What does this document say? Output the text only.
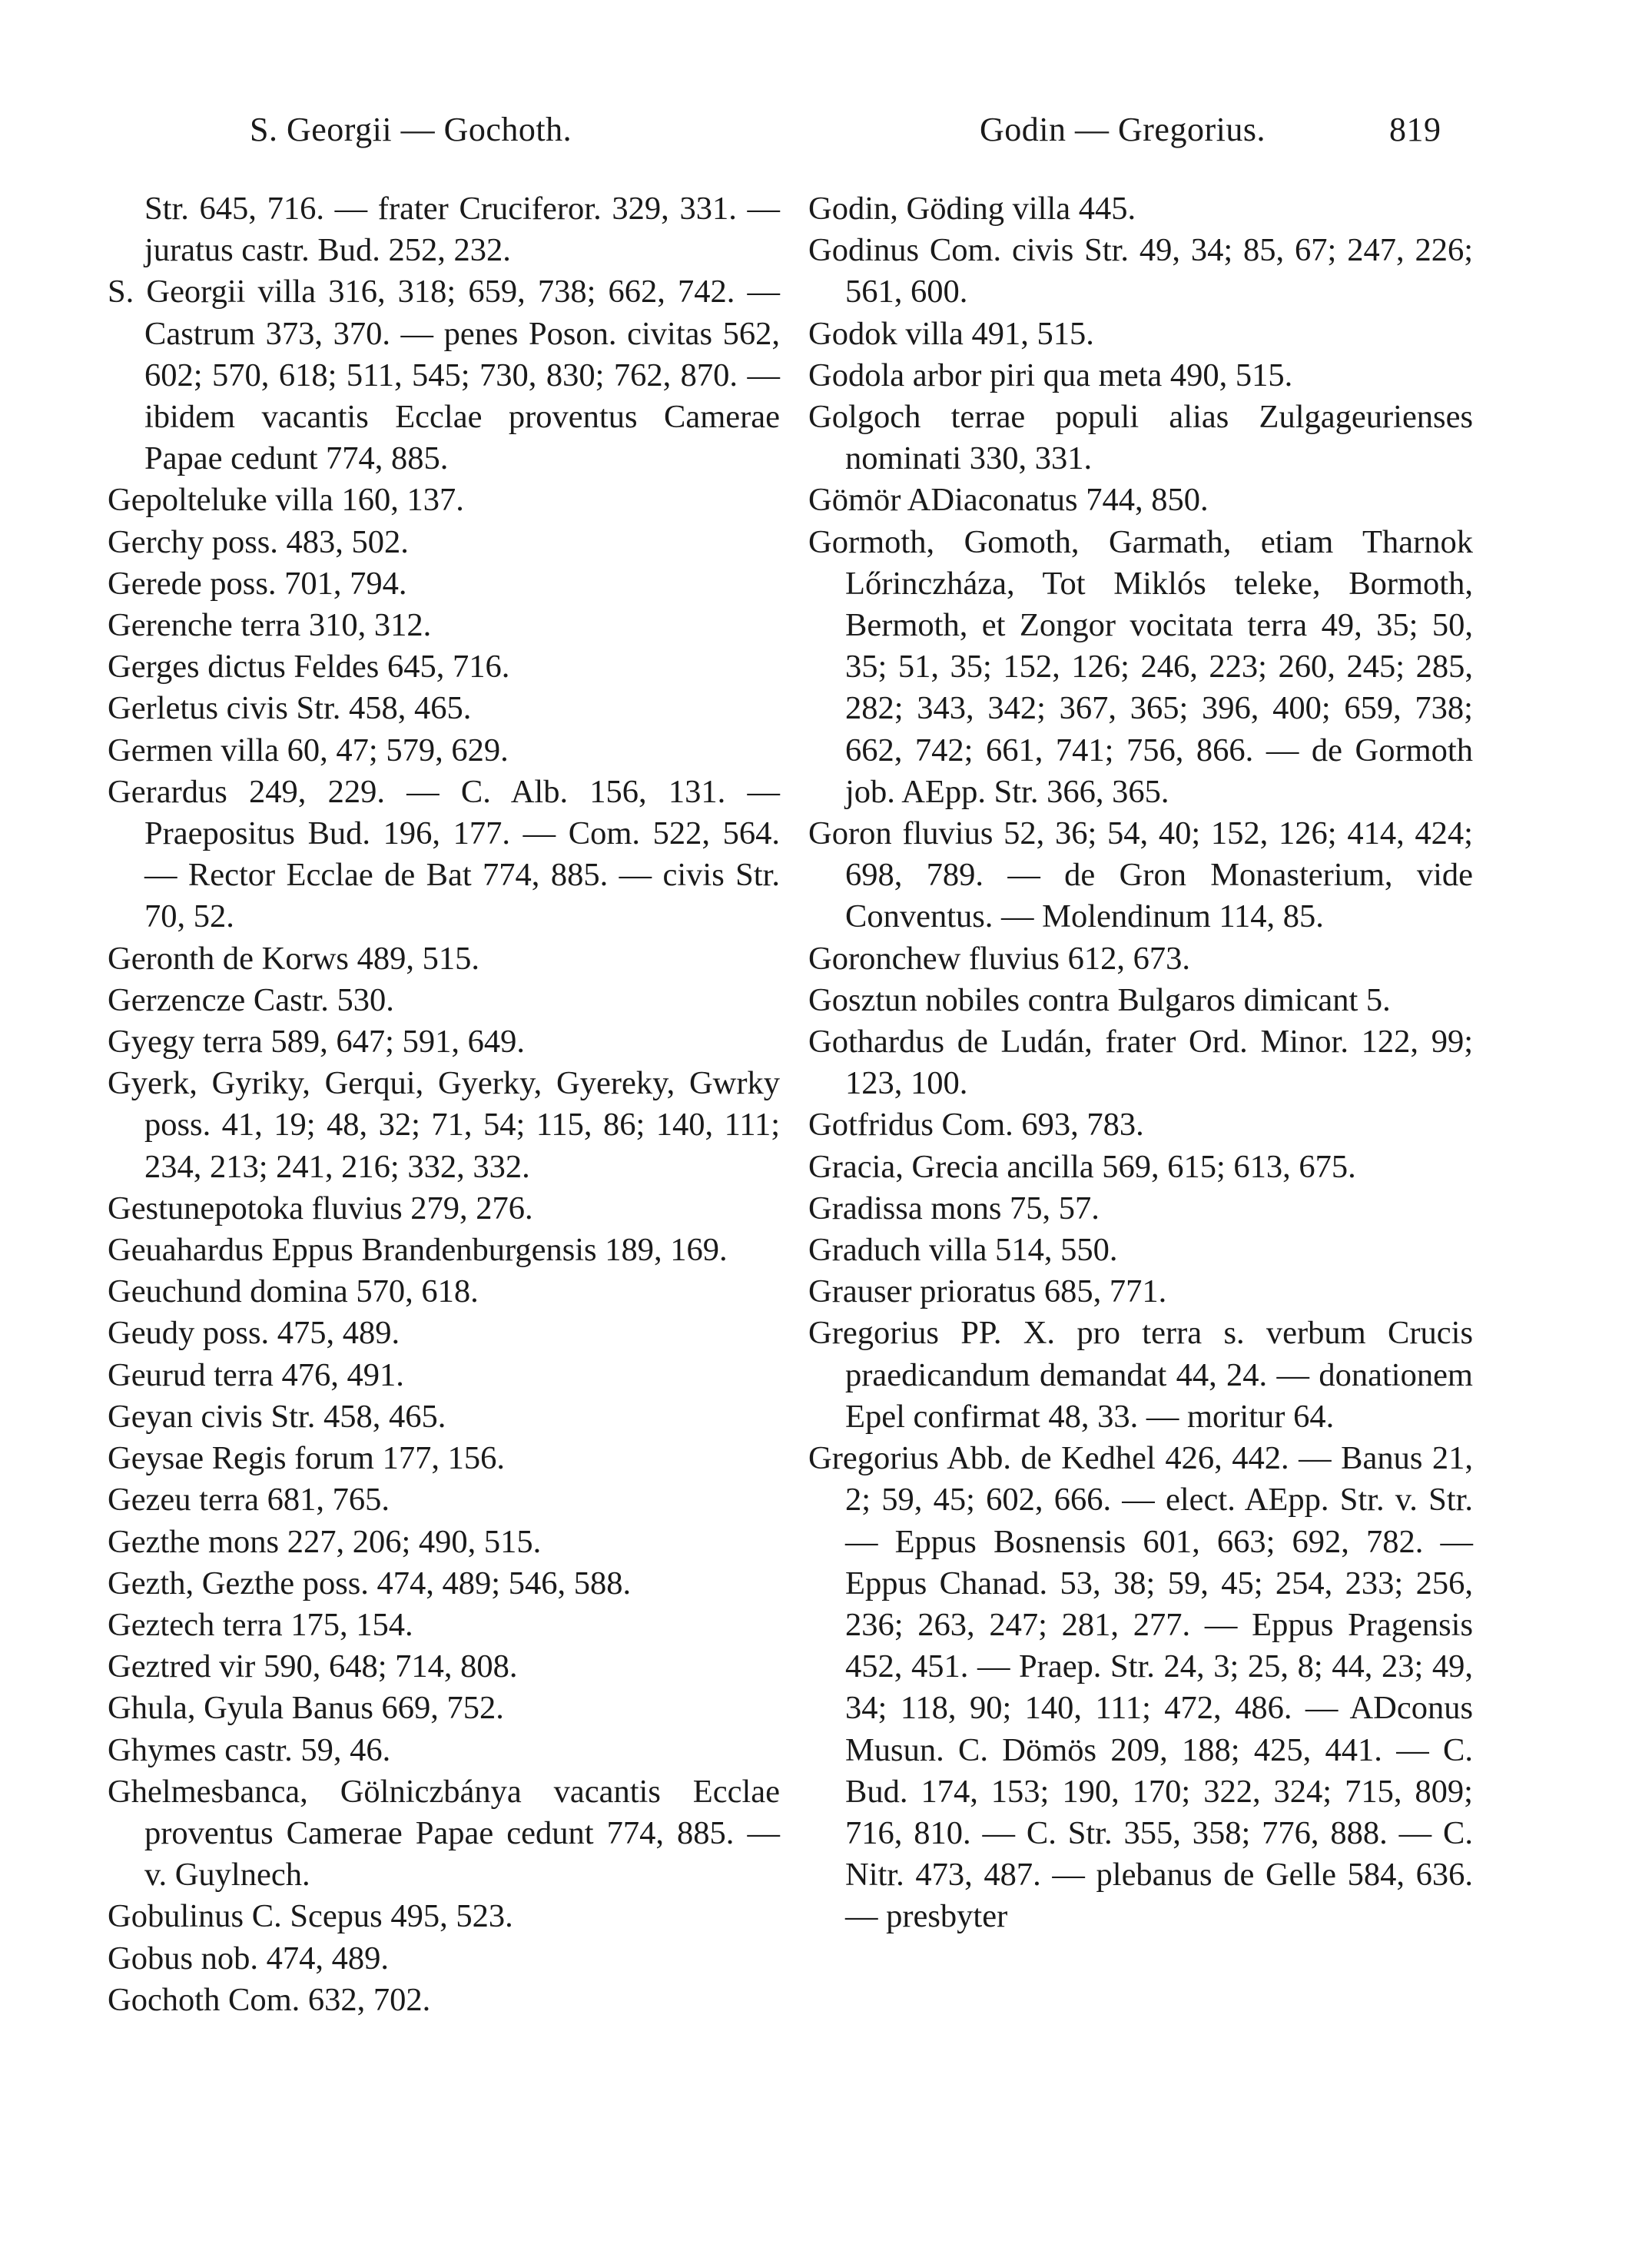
S. Georgii — Gochoth.	Godin — Gregorius.	819

Str. 645, 716. — frater Cruciferor. 329, 331. — juratus castr. Bud. 252, 232.

S. Georgii villa 316, 318; 659, 738; 662, 742. — Castrum 373, 370. — penes Poson. civitas 562, 602; 570, 618; 511, 545; 730, 830; 762, 870. — ibidem vacantis Ecclae proventus Camerae Papae cedunt 774, 885.

Gepolteluke villa 160, 137.

Gerchy poss. 483, 502.

Gerede poss. 701, 794.

Gerenche terra 310, 312.

Gerges dictus Feldes 645, 716.

Gerletus civis Str. 458, 465.

Germen villa 60, 47; 579, 629.

Gerardus 249, 229. — C. Alb. 156, 131. — Praepositus Bud. 196, 177. — Com. 522, 564. — Rector Ecclae de Bat 774, 885. — civis Str. 70, 52.

Geronth de Korws 489, 515.

Gerzencze Castr. 530.

Gyegy terra 589, 647; 591, 649.

Gyerk, Gyriky, Gerqui, Gyerky, Gyereky, Gwrky poss. 41, 19; 48, 32; 71, 54; 115, 86; 140, 111; 234, 213; 241, 216; 332, 332.

Gestunepotoka fluvius 279, 276.

Geuahardus Eppus Brandenburgensis 189, 169.

Geuchund domina 570, 618.

Geudy poss. 475, 489.

Geurud terra 476, 491.

Geyan civis Str. 458, 465.

Geysae Regis forum 177, 156.

Gezeu terra 681, 765.

Gezthe mons 227, 206; 490, 515.

Gezth, Gezthe poss. 474, 489; 546, 588.

Geztech terra 175, 154.

Geztred vir 590, 648; 714, 808.

Ghula, Gyula Banus 669, 752.

Ghymes castr. 59, 46.

Ghelmesbanca, Gölniczbánya vacantis Ecclae proventus Camerae Papae cedunt 774, 885. — v. Guylnech.

Gobulinus C. Scepus 495, 523.

Gobus nob. 474, 489.

Gochoth Com. 632, 702.

Godin, Göding villa 445.

Godinus Com. civis Str. 49, 34; 85, 67; 247, 226; 561, 600.

Godok villa 491, 515.

Godola arbor piri qua meta 490, 515.

Golgoch terrae populi alias Zulgageurienses nominati 330, 331.

Gömör ADiaconatus 744, 850.

Gormoth, Gomoth, Garmath, etiam Tharnok Lőrinczháza, Tot Miklós teleke, Bormoth, Bermoth, et Zongor vocitata terra 49, 35; 50, 35; 51, 35; 152, 126; 246, 223; 260, 245; 285, 282; 343, 342; 367, 365; 396, 400; 659, 738; 662, 742; 661, 741; 756, 866. — de Gormoth job. AEpp. Str. 366, 365.

Goron fluvius 52, 36; 54, 40; 152, 126; 414, 424; 698, 789. — de Gron Monasterium, vide Conventus. — Molendinum 114, 85.

Goronchew fluvius 612, 673.

Gosztun nobiles contra Bulgaros dimicant 5.

Gothardus de Ludán, frater Ord. Minor. 122, 99; 123, 100.

Gotfridus Com. 693, 783.

Gracia, Grecia ancilla 569, 615; 613, 675.

Gradissa mons 75, 57.

Graduch villa 514, 550.

Grauser prioratus 685, 771.

Gregorius PP. X. pro terra s. verbum Crucis praedicandum demandat 44, 24. — donationem Epel confirmat 48, 33. — moritur 64.

Gregorius Abb. de Kedhel 426, 442. — Banus 21, 2; 59, 45; 602, 666. — elect. AEpp. Str. v. Str. — Eppus Bosnensis 601, 663; 692, 782. — Eppus Chanad. 53, 38; 59, 45; 254, 233; 256, 236; 263, 247; 281, 277. — Eppus Pragensis 452, 451. — Praep. Str. 24, 3; 25, 8; 44, 23; 49, 34; 118, 90; 140, 111; 472, 486. — ADconus Musun. C. Dömös 209, 188; 425, 441. — C. Bud. 174, 153; 190, 170; 322, 324; 715, 809; 716, 810. — C. Str. 355, 358; 776, 888. — C. Nitr. 473, 487. — plebanus de Gelle 584, 636. — presbyter
